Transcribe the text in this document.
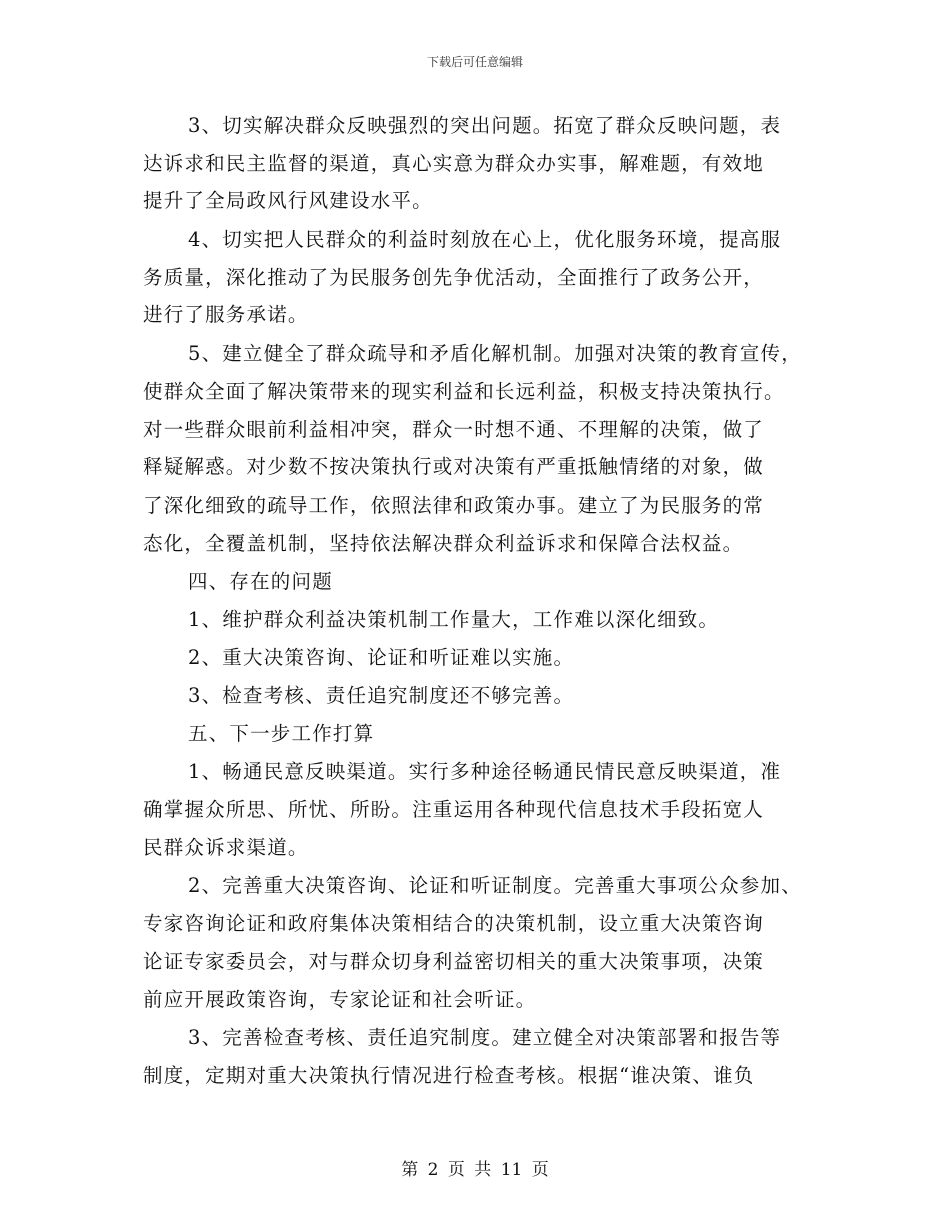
下载后可任意编辑
3、切实解决群众反映强烈的突出问题。拓宽了群众反映问题，表
达诉求和民主监督的渠道，真心实意为群众办实事，解难题，有效地
提升了全局政风行风建设水平。
4、切实把人民群众的利益时刻放在心上，优化服务环境，提高服
务质量，深化推动了为民服务创先争优活动，全面推行了政务公开，
进行了服务承诺。
5、建立健全了群众疏导和矛盾化解机制。加强对决策的教育宣传，
使群众全面了解决策带来的现实利益和长远利益，积极支持决策执行。
对一些群众眼前利益相冲突，群众一时想不通、不理解的决策，做了
释疑解惑。对少数不按决策执行或对决策有严重抵触情绪的对象，做
了深化细致的疏导工作，依照法律和政策办事。建立了为民服务的常
态化，全覆盖机制，坚持依法解决群众利益诉求和保障合法权益。
四、存在的问题
1、维护群众利益决策机制工作量大，工作难以深化细致。
2、重大决策咨询、论证和听证难以实施。
3、检查考核、责任追究制度还不够完善。
五、下一步工作打算
1、畅通民意反映渠道。实行多种途径畅通民情民意反映渠道，准
确掌握众所思、所忧、所盼。注重运用各种现代信息技术手段拓宽人
民群众诉求渠道。
2、完善重大决策咨询、论证和听证制度。完善重大事项公众参加、
专家咨询论证和政府集体决策相结合的决策机制，设立重大决策咨询
论证专家委员会，对与群众切身利益密切相关的重大决策事项，决策
前应开展政策咨询，专家论证和社会听证。
3、完善检查考核、责任追究制度。建立健全对决策部署和报告等
制度，定期对重大决策执行情况进行检查考核。根据“谁决策、谁负
第 2 页 共 11 页
